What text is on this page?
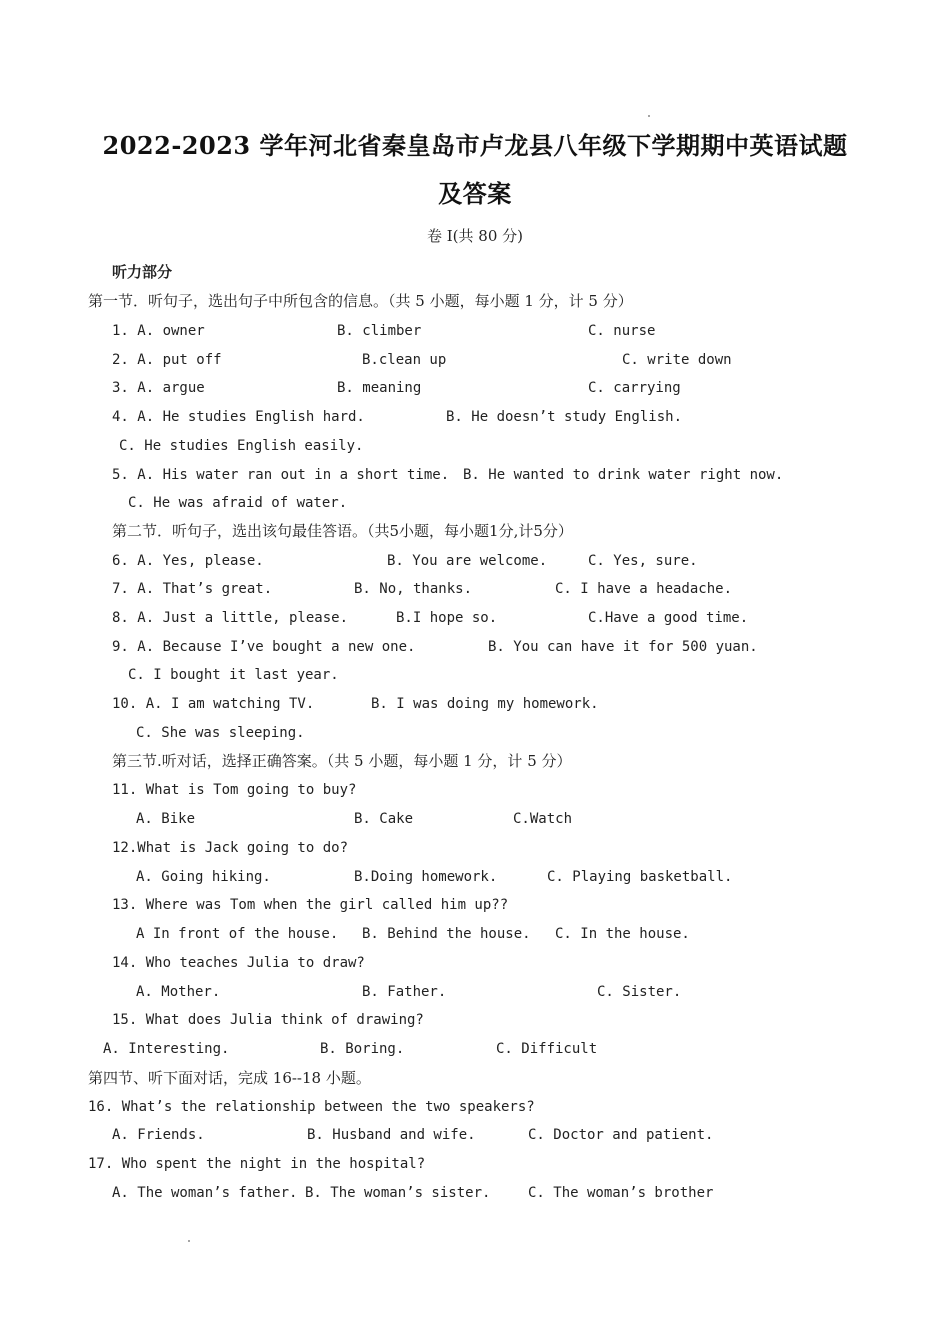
2022-2023 学年河北省秦皇岛市卢龙县八年级下学期期中英语试题
及答案
卷 I(共 80 分)
听力部分
第一节．听句子，选出句子中所包含的信息。（共 5 小题，每小题 1 分，计 5 分）
1. A. owner	B. climber	C. nurse
2. A. put off	B.clean up	C. write down
3. A. argue	B. meaning	C. carrying
4. A. He studies English hard.	B. He doesn’t study English.
C. He studies English easily.
5. A. His water ran out in a short time. B. He wanted to drink water right now.
C. He was afraid of water.
第二节．听句子，选出该句最佳答语。（共5小题，每小题1分,计5分）
6. A. Yes, please.	B. You are welcome.	C. Yes, sure.
7. A. That’s great.	B. No, thanks.	C. I have a headache.
8. A. Just a little, please.	B.I hope so.	C.Have a good time.
9. A. Because I’ve bought a new one.	B. You can have it for 500 yuan.
C. I bought it last year.
10. A. I am watching TV.	B. I was doing my homework.
C. She was sleeping.
第三节.听对话，选择正确答案。（共 5 小题，每小题 1 分，计 5 分）
11. What is Tom going to buy?
A. Bike	B. Cake	C.Watch
12.What is Jack going to do?
A. Going hiking.	B.Doing homework.	C. Playing basketball.
13. Where was Tom when the girl called him up??
A In front of the house. B. Behind the house. C. In the house.
14. Who teaches Julia to draw?
A. Mother.	B. Father.	C. Sister.
15. What does Julia think of drawing?
A. Interesting.	B. Boring.	C. Difficult
第四节、听下面对话，完成 16--18 小题。
16. What’s the relationship between the two speakers?
A. Friends.	B. Husband and wife.	C. Doctor and patient.
17. Who spent the night in the hospital?
A. The woman’s father. B. The woman’s sister.	C. The woman’s brother
